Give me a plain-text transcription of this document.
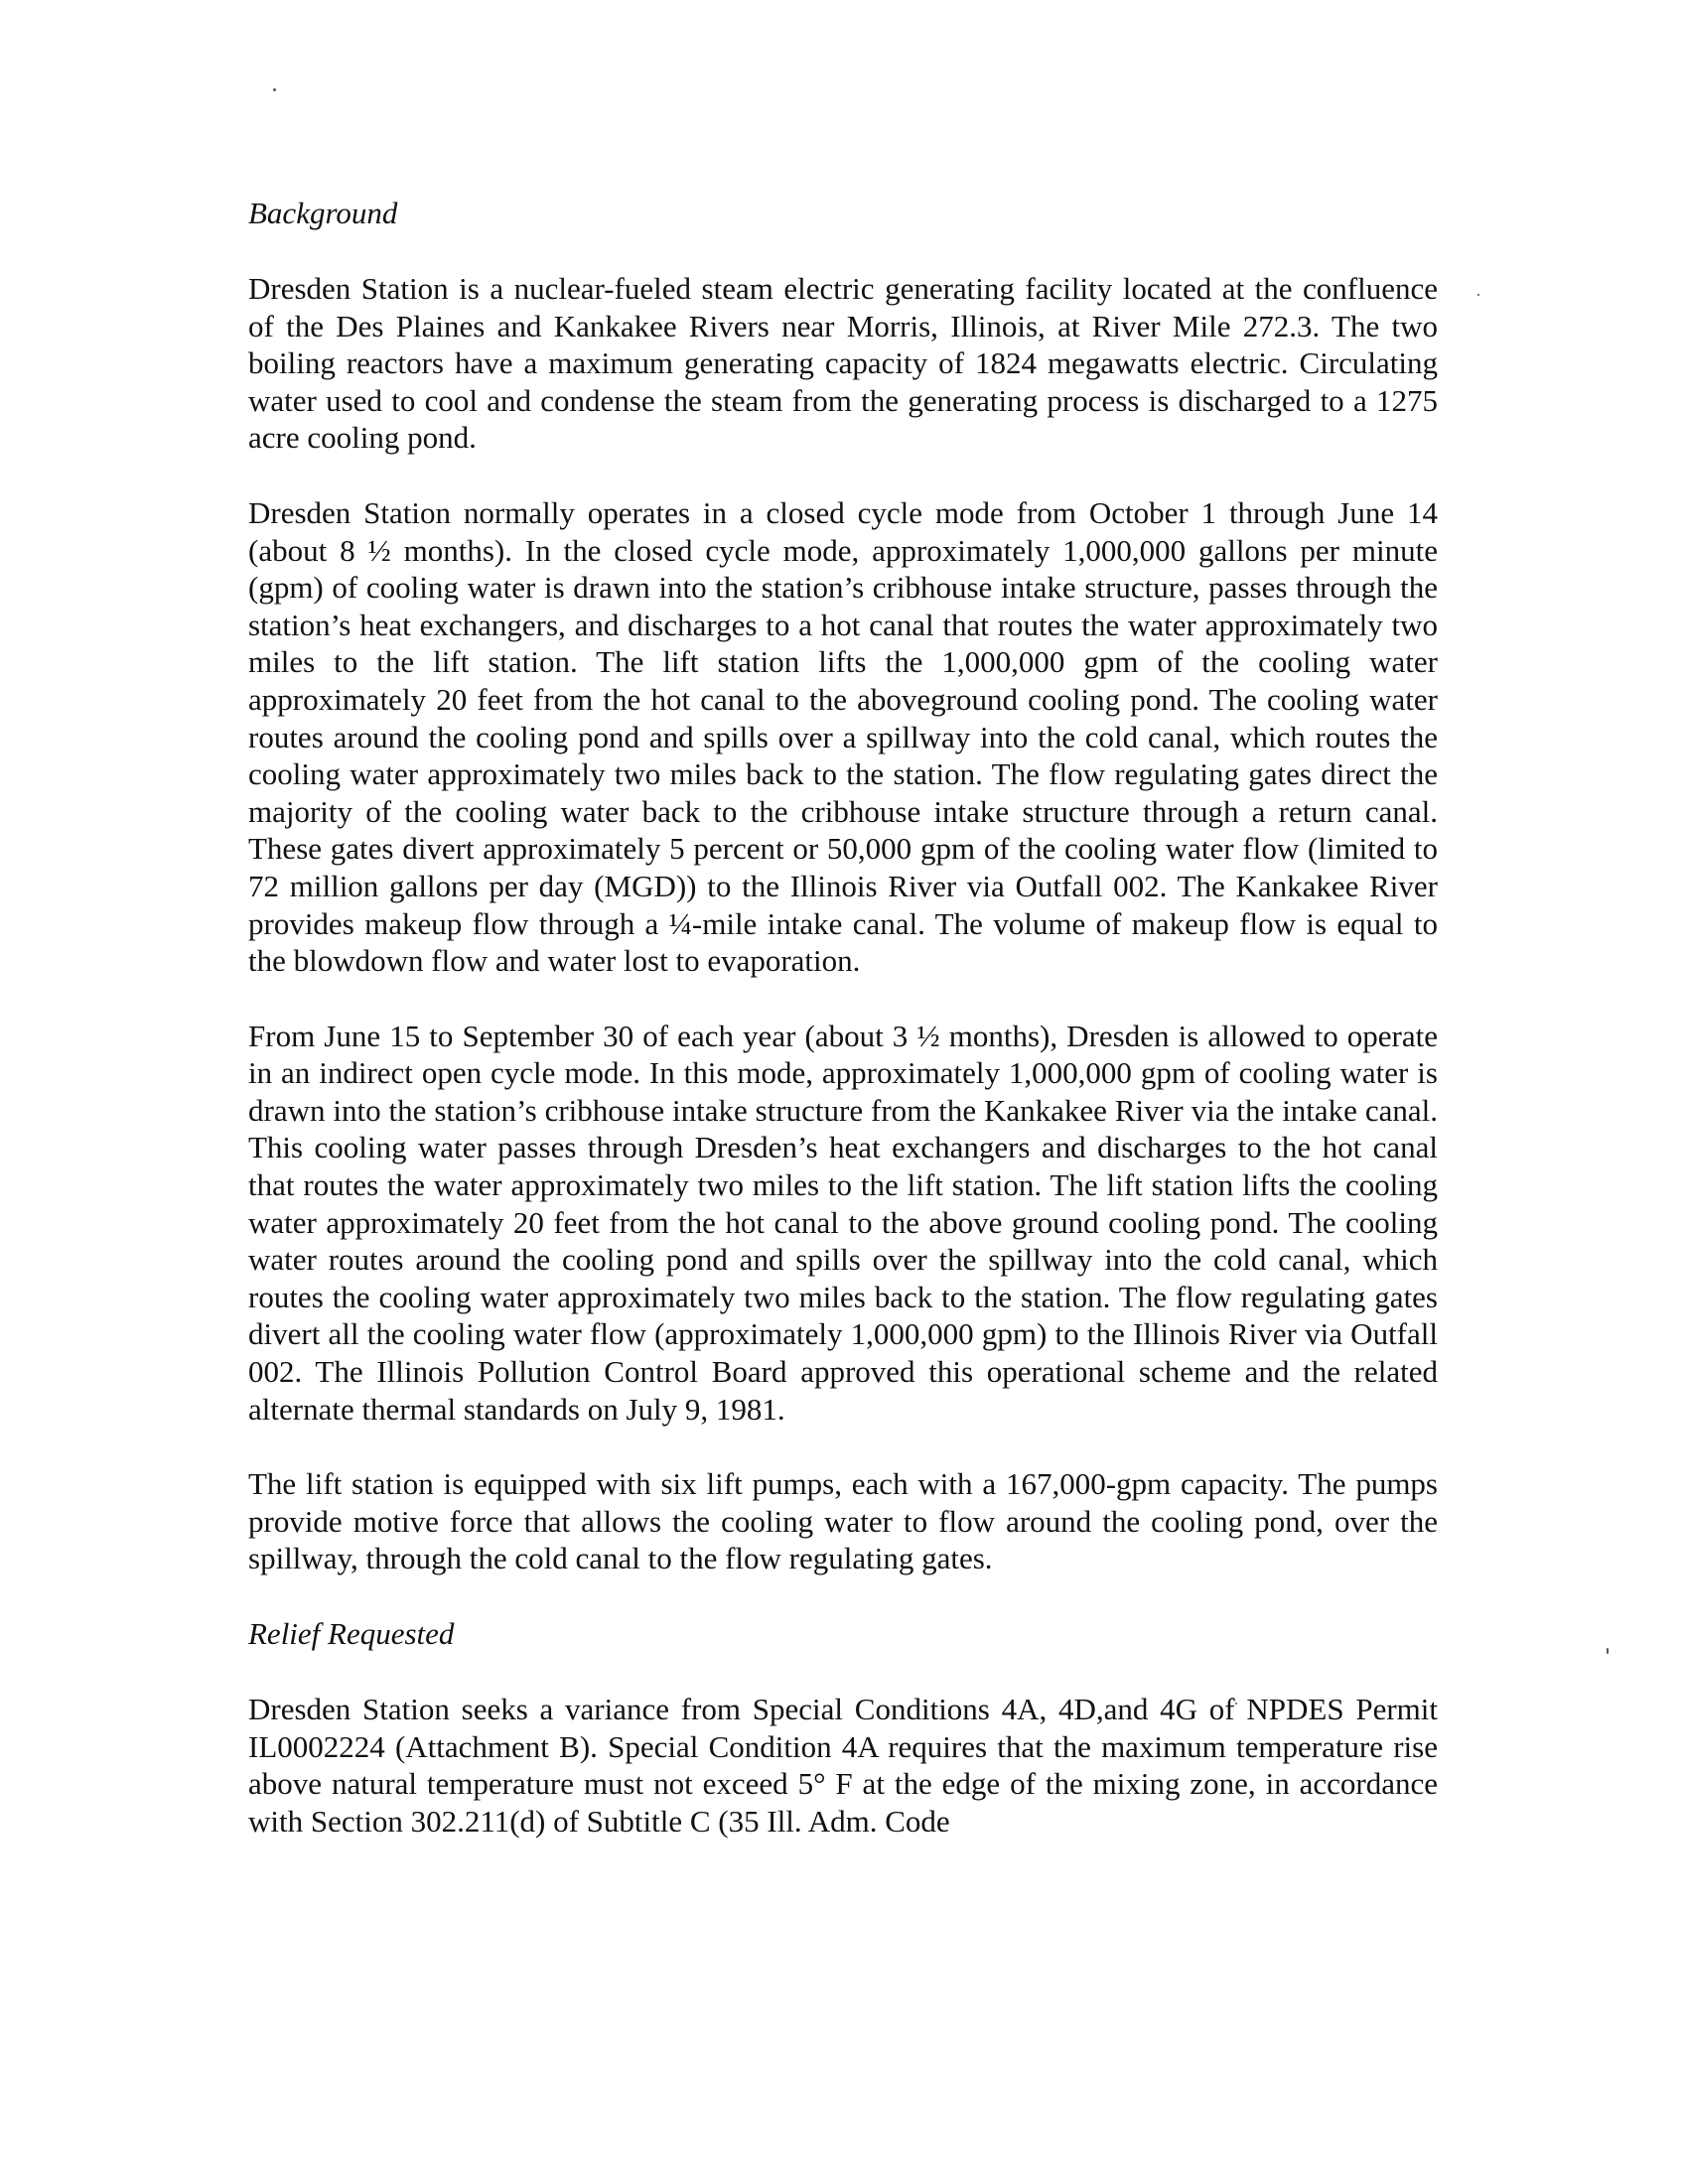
Background

Dresden Station is a nuclear-fueled steam electric generating facility located at the confluence of the Des Plaines and Kankakee Rivers near Morris, Illinois, at River Mile 272.3. The two boiling reactors have a maximum generating capacity of 1824 megawatts electric. Circulating water used to cool and condense the steam from the generating process is discharged to a 1275 acre cooling pond.

Dresden Station normally operates in a closed cycle mode from October 1 through June 14 (about 8 ½ months). In the closed cycle mode, approximately 1,000,000 gallons per minute (gpm) of cooling water is drawn into the station’s cribhouse intake structure, passes through the station’s heat exchangers, and discharges to a hot canal that routes the water approximately two miles to the lift station. The lift station lifts the 1,000,000 gpm of the cooling water approximately 20 feet from the hot canal to the aboveground cooling pond. The cooling water routes around the cooling pond and spills over a spillway into the cold canal, which routes the cooling water approximately two miles back to the station. The flow regulating gates direct the majority of the cooling water back to the cribhouse intake structure through a return canal. These gates divert approximately 5 percent or 50,000 gpm of the cooling water flow (limited to 72 million gallons per day (MGD)) to the Illinois River via Outfall 002. The Kankakee River provides makeup flow through a ¼-mile intake canal. The volume of makeup flow is equal to the blowdown flow and water lost to evaporation.

From June 15 to September 30 of each year (about 3 ½ months), Dresden is allowed to operate in an indirect open cycle mode. In this mode, approximately 1,000,000 gpm of cooling water is drawn into the station’s cribhouse intake structure from the Kankakee River via the intake canal. This cooling water passes through Dresden’s heat exchangers and discharges to the hot canal that routes the water approximately two miles to the lift station. The lift station lifts the cooling water approximately 20 feet from the hot canal to the above ground cooling pond. The cooling water routes around the cooling pond and spills over the spillway into the cold canal, which routes the cooling water approximately two miles back to the station. The flow regulating gates divert all the cooling water flow (approximately 1,000,000 gpm) to the Illinois River via Outfall 002. The Illinois Pollution Control Board approved this operational scheme and the related alternate thermal standards on July 9, 1981.

The lift station is equipped with six lift pumps, each with a 167,000-gpm capacity. The pumps provide motive force that allows the cooling water to flow around the cooling pond, over the spillway, through the cold canal to the flow regulating gates.

Relief Requested

Dresden Station seeks a variance from Special Conditions 4A, 4D,and 4G of NPDES Permit IL0002224 (Attachment B). Special Condition 4A requires that the maximum temperature rise above natural temperature must not exceed 5° F at the edge of the mixing zone, in accordance with Section 302.211(d) of Subtitle C (35 Ill. Adm. Code
